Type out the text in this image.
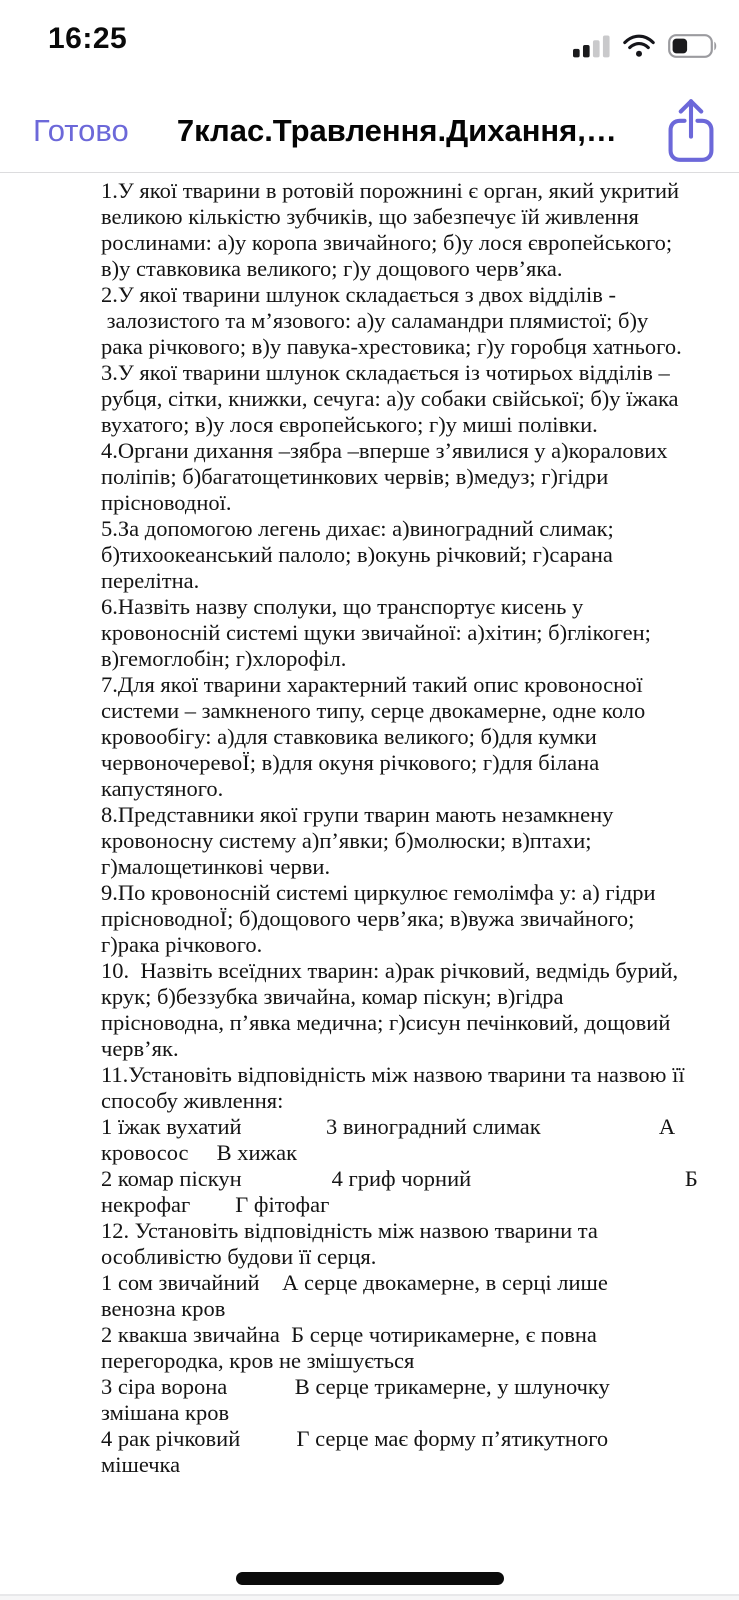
16:25
Готово	7клас.Травлення.Дихання,…
1.У якої тварини в ротовій порожнині є орган, який укритий
великою кількістю зубчиків, що забезпечує їй живлення
рослинами: а)у коропа звичайного; б)у лося європейського;
в)у ставковика великого; г)у дощового черв’яка.
2.У якої тварини шлунок складається з двох відділів -
залозистого та м’язового: а)у саламандри плямистої; б)у
рака річкового; в)у павука-хрестовика; г)у горобця хатнього.
3.У якої тварини шлунок складається із чотирьох відділів –
рубця, сітки, книжки, сечуга: а)у собаки свійської; б)у їжака
вухатого; в)у лося європейського; г)у миші полівки.
4.Органи дихання –зябра –вперше з’явилися у а)коралових
поліпів; б)багатощетинкових червів; в)медуз; г)гідри
прісноводної.
5.За допомогою легень дихає: а)виноградний слимак;
б)тихоокеанський палоло; в)окунь річковий; г)сарана
перелітна.
6.Назвіть назву сполуки, що транспортує кисень у
кровоносній системі щуки звичайної: а)хітин; б)глікоген;
в)гемоглобін; г)хлорофіл.
7.Для якої тварини характерний такий опис кровоносної
системи – замкненого типу, серце двокамерне, одне коло
кровообігу: а)для ставковика великого; б)для кумки
червоночеревоЇ; в)для окуня річкового; г)для білана
капустяного.
8.Представники якої групи тварин мають незамкнену
кровоносну систему а)п’явки; б)молюски; в)птахи;
г)малощетинкові черви.
9.По кровоносній системі циркулює гемолімфа у: а) гідри
прісноводноЇ; б)дощового черв’яка; в)вужа звичайного;
г)рака річкового.
10.  Назвіть всеїдних тварин: а)рак річковий, ведмідь бурий,
крук; б)беззубка звичайна, комар піскун; в)гідра
прісноводна, п’явка медична; г)сисун печінковий, дощовий
черв’як.
11.Установіть відповідність між назвою тварини та назвою її
способу живлення:
1 їжак вухатий               3 виноградний слимак                     А
кровосос     В хижак
2 комар піскун                4 гриф чорний                                      Б
некрофаг        Г фітофаг
12. Установіть відповідність між назвою тварини та
особливістю будови її серця.
1 сом звичайний    А серце двокамерне, в серці лише
венозна кров
2 квакша звичайна  Б серце чотирикамерне, є повна
перегородка, кров не змішується
3 сіра ворона            В серце трикамерне, у шлуночку
змішана кров
4 рак річковий          Г серце має форму п’ятикутного
мішечка
